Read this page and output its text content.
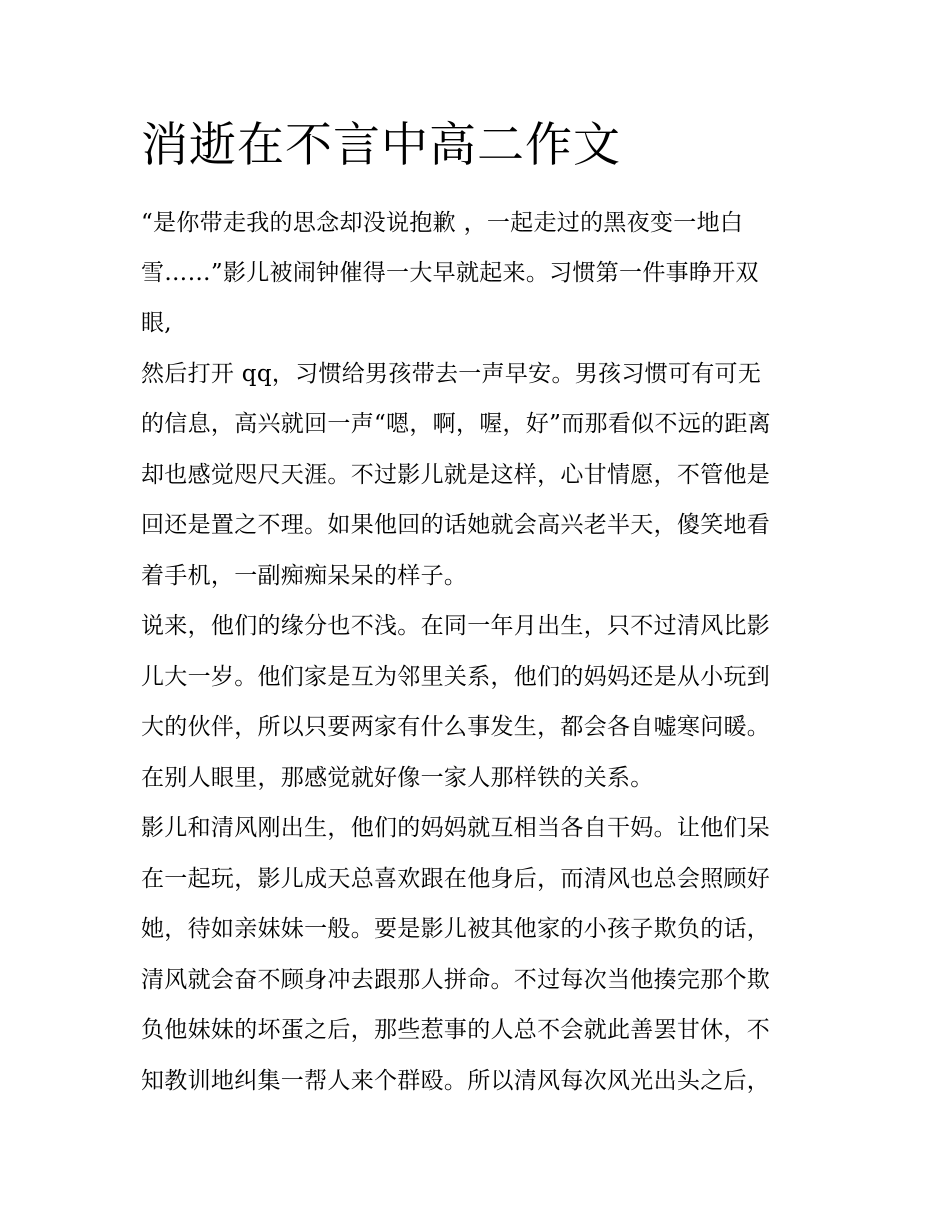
消逝在不言中高二作文

“是你带走我的思念却没说抱歉 ，一起走过的黑夜变一地白

雪……”影儿被闹钟催得一大早就起来。习惯第一件事睁开双

眼,

然后打开 qq，习惯给男孩带去一声早安。男孩习惯可有可无

的信息，高兴就回一声“嗯，啊，喔，好”而那看似不远的距离

却也感觉咫尺天涯。不过影儿就是这样，心甘情愿，不管他是

回还是置之不理。如果他回的话她就会高兴老半天，傻笑地看

着手机，一副痴痴呆呆的样子。

说来，他们的缘分也不浅。在同一年月出生，只不过清风比影

儿大一岁。他们家是互为邻里关系，他们的妈妈还是从小玩到

大的伙伴，所以只要两家有什么事发生，都会各自嘘寒问暖。

在别人眼里，那感觉就好像一家人那样铁的关系。

影儿和清风刚出生，他们的妈妈就互相当各自干妈。让他们呆

在一起玩，影儿成天总喜欢跟在他身后，而清风也总会照顾好

她，待如亲妹妹一般。要是影儿被其他家的小孩子欺负的话，

清风就会奋不顾身冲去跟那人拼命。不过每次当他揍完那个欺

负他妹妹的坏蛋之后，那些惹事的人总不会就此善罢甘休，不

知教训地纠集一帮人来个群殴。所以清风每次风光出头之后，
